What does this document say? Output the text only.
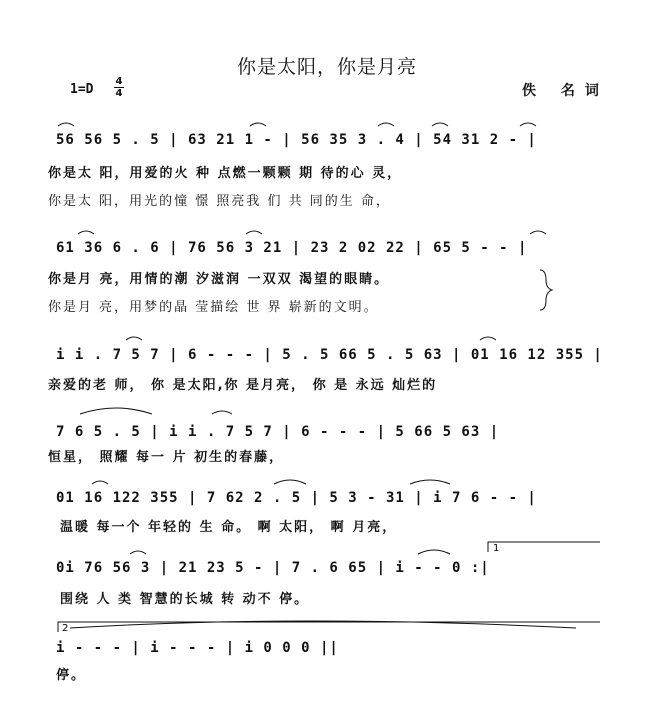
你是太阳，你是月亮
1=D
4
4	佚 名词
56 56 5 . 5 | 63 21 1 - | 56 35 3 . 4 | 54 31 2 - |
你是太 阳，用爱的火 种 点燃一颗颗 期 待的心 灵，
你是太 阳，用光的憧 憬 照亮我 们 共 同的生 命，
61 36 6 . 6 | 76 56 3 21 | 23 2 02 22 | 65 5 - - |
你是月 亮，用情的潮 汐滋润 一双双 渴望的眼睛。
你是月 亮，用梦的晶 莹描绘 世 界 崭新的文明。
i i . 7 5 7 | 6 - - - | 5 . 5 66 5 . 5 63 | 01 16 12 355 |
亲爱的老 师， 你 是太阳,你 是月亮， 你 是 永远 灿烂的
7 6 5 . 5 | i i . 7 5 7 | 6 - - - | 5 66 5 63 |
恒星， 照耀 每一 片 初生的春藤，
01 16 122 355 | 7 62 2 . 5 | 5 3 - 31 | i 7 6 - - |
温暖 每一个 年轻的 生 命。 啊 太阳， 啊 月亮，
0i 76 56 3 | 21 23 5 - | 7 . 6 65 | i - - 0 :|
围绕 人 类 智慧的长城 转 动不 停。
i - - - | i - - - | i 0 0 0 ||
停。
1
2
